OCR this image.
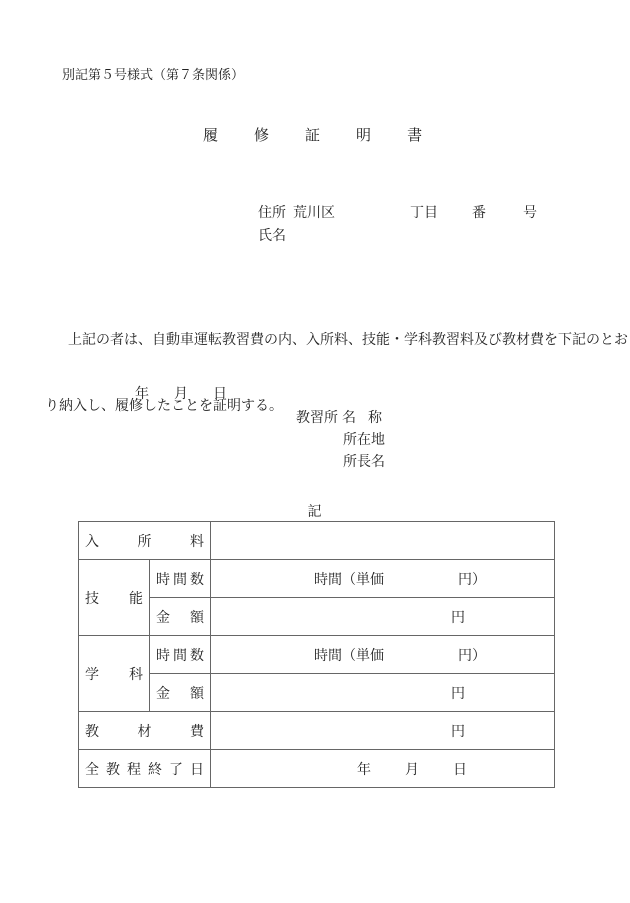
別記第５号様式（第７条関係）
履 修 証 明 書

住所

荒川区

	丁目

番

	号

氏名

上記の者は、自動車運転教習費の内、入所料、技能・学科教習料及び教材費を下記のとお

り納入し、履修したことを証明する。

年 月 日
教習所 名 称
所在地
所長名
記
入 所 料		

技 能	時 間 数	時間（単価 円）

	金 額	円

学 科	時 間 数	時間（単価 円）

	金 額	円

教 材 費		円

全 教 程 終 了 日	年 月 日
